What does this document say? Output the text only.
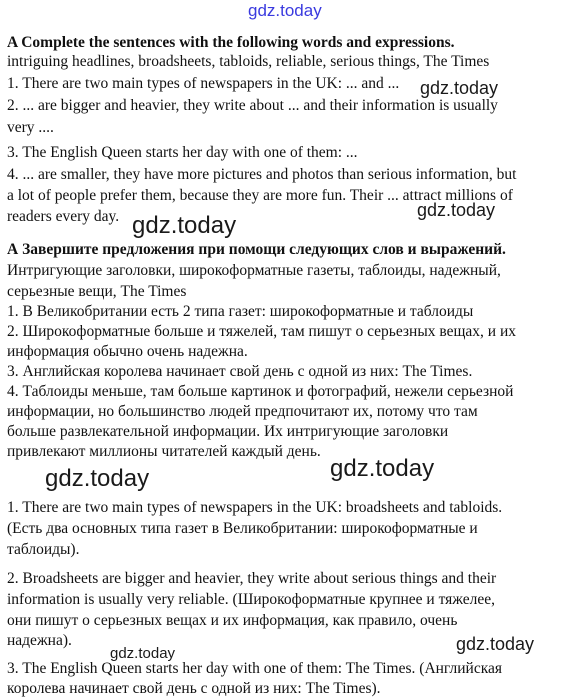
gdz.today
A Complete the sentences with the following words and expressions.
intriguing headlines, broadsheets, tabloids, reliable, serious things, The Times
1. There are two main types of newspapers in the UK: ... and ...	gdz.today
2. ... are bigger and heavier, they write about ... and their information is usually
very ....
3. The English Queen starts her day with one of them: ...
4. ... are smaller, they have more pictures and photos than serious information, but
a lot of people prefer them, because they are more fun. Their ... attract millions of
readers every day. gdz.today
gdz.today
А Завершите предложения при помощи следующих слов и выражений.
Интригующие заголовки, широкоформатные газеты, таблоиды, надежный,
серьезные вещи, The Times
1. В Великобритании есть 2 типа газет: широкоформатные и таблоиды
2. Широкоформатные больше и тяжелей, там пишут о серьезных вещах, и их
информация обычно очень надежна.
3. Английская королева начинает свой день с одной из них: The Times.
4. Таблоиды меньше, там больше картинок и фотографий, нежели серьезной
информации, но большинство людей предпочитают их, потому что там
больше развлекательной информации. Их интригующие заголовки
привлекают миллионы читателей каждый день.
gdz.today	gdz.today
1. There are two main types of newspapers in the UK: broadsheets and tabloids.
(Есть два основных типа газет в Великобритании: широкоформатные и
таблоиды).
2. Broadsheets are bigger and heavier, they write about serious things and their
information is usually very reliable. (Широкоформатные крупнее и тяжелее,
они пишут о серьезных вещах и их информация, как правило, очень
надежна).
gdz.today	gdz.today
3. The English Queen starts her day with one of them: The Times. (Английская
королева начинает свой день с одной из них: The Times).
